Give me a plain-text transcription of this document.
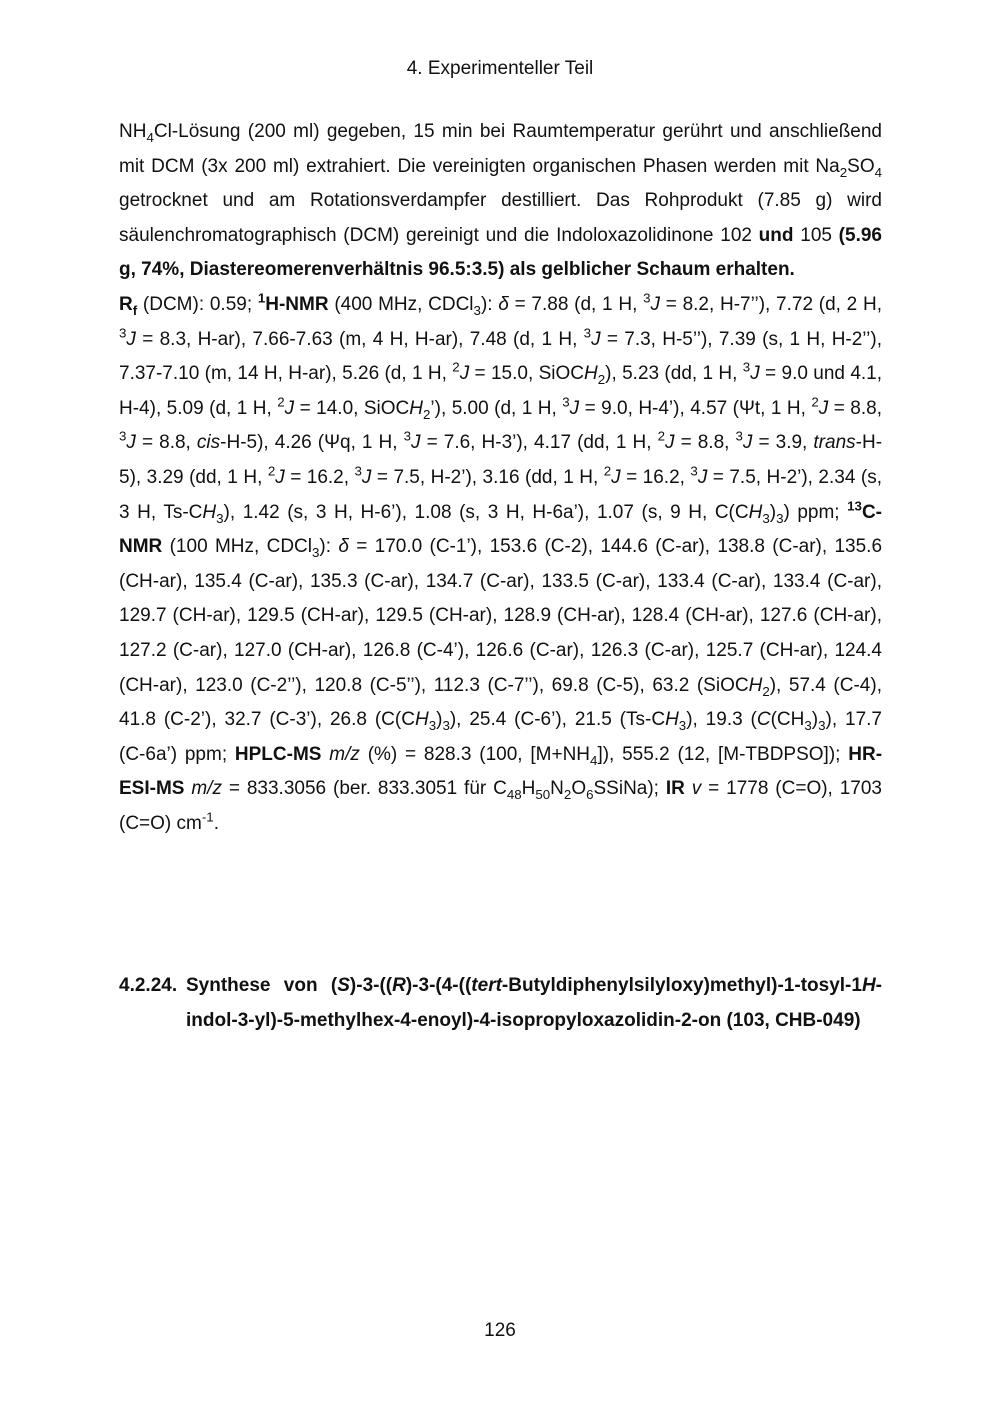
4. Experimenteller Teil

$NH_4Cl$-Lösung (200 ml) gegeben, 15 min bei Raumtemperatur gerührt und anschließend mit DCM (3x 200 ml) extrahiert. Die vereinigten organischen Phasen werden mit $Na_2SO_4$ getrocknet und am Rotationsverdampfer destilliert. Das Rohprodukt (7.85 g) wird säulenchromatographisch (DCM) gereinigt und die Indoloxazolidinone 102 und 105 (5.96 g, 74%, Diastereomerenverhältnis 96.5:3.5) als gelblicher Schaum erhalten.

$R_f$ (DCM): 0.59; $^1$H-NMR (400 MHz, CDCl$_3$): δ = 7.88 (d, 1 H, $^3$J = 8.2, H-7’’), 7.72 (d, 2 H, $^3$J = 8.3, H-ar), 7.66-7.63 (m, 4 H, H-ar), 7.48 (d, 1 H, $^3$J = 7.3, H-5’’), 7.39 (s, 1 H, H-2’’), 7.37-7.10 (m, 14 H, H-ar), 5.26 (d, 1 H, $^2$J = 15.0, SiOCH$_2$), 5.23 (dd, 1 H, $^3$J = 9.0 und 4.1, H-4), 5.09 (d, 1 H, $^2$J = 14.0, SiOCH$_2$’), 5.00 (d, 1 H, $^3$J = 9.0, H-4’), 4.57 (Ψt, 1 H, $^2$J = 8.8, $^3$J = 8.8, cis-H-5), 4.26 (Ψq, 1 H, $^3$J = 7.6, H-3’), 4.17 (dd, 1 H, $^2$J = 8.8, $^3$J = 3.9, trans-H-5), 3.29 (dd, 1 H, $^2$J = 16.2, $^3$J = 7.5, H-2’), 3.16 (dd, 1 H, $^2$J = 16.2, $^3$J = 7.5, H-2’), 2.34 (s, 3 H, $Ts-CH_3$), 1.42 (s, 3 H, H-6’), 1.08 (s, 3 H, H-6a’), 1.07 (s, 9 H, $C(CH_3)_3$) ppm; $^{13}$C-NMR (100 MHz, CDCl$_3$): δ = 170.0 (C-1’), 153.6 (C-2), 144.6 (C-ar), 138.8 (C-ar), 135.6 (CH-ar), 135.4 (C-ar), 135.3 (C-ar), 134.7 (C-ar), 133.5 (C-ar), 133.4 (C-ar), 133.4 (C-ar), 129.7 (CH-ar), 129.5 (CH-ar), 129.5 (CH-ar), 128.9 (CH-ar), 128.4 (CH-ar), 127.6 (CH-ar), 127.2 (C-ar), 127.0 (CH-ar), 126.8 (C-4’), 126.6 (C-ar), 126.3 (C-ar), 125.7 (CH-ar), 124.4 (CH-ar), 123.0 (C-2’’), 120.8 (C-5’’), 112.3 (C-7’’), 69.8 (C-5), 63.2 (SiOCH$_2$), 57.4 (C-4), 41.8 (C-2’), 32.7 (C-3’), 26.8 $(C(CH_3)_3)$, 25.4 (C-6’), 21.5 $(Ts-CH_3)$, 19.3 $(C(CH_3)_3)$, 17.7 (C-6a’) ppm; HPLC-MS m/z (%) = 828.3 (100, $[M+NH_4]$), 555.2 (12, [M-TBDPSO]); HR-ESI-MS m/z = 833.3056 (ber. 833.3051 für $C_{48}H_{50}N_2O_6SSiNa$); IR v = 1778 (C=O), 1703 (C=O) $cm^{-1}$.

4.2.24. Synthese von (S)-3-((R)-3-(4-((tert-Butyldiphenylsilyloxy)methyl)-1-tosyl-1H-indol-3-yl)-5-methylhex-4-enoyl)-4-isopropyloxazolidin-2-on (103, CHB-049)
126
